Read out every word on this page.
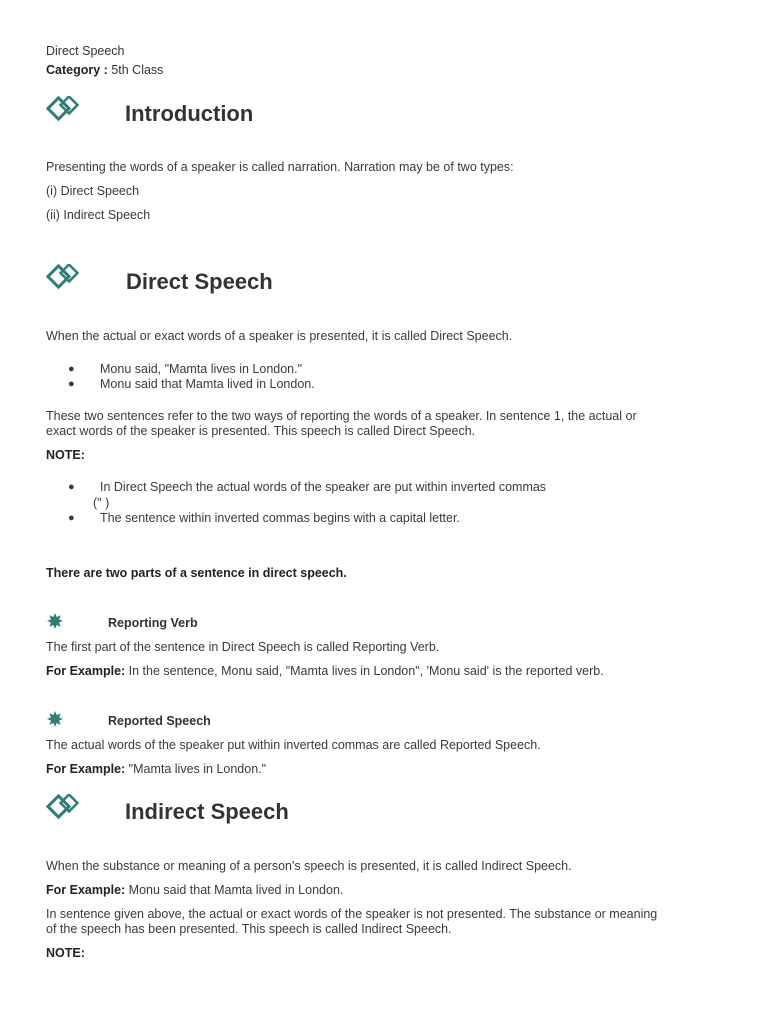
Direct Speech

Category : 5th Class

Introduction

Presenting the words of a speaker is called narration. Narration may be of two types:

(i) Direct Speech

(ii) Indirect Speech

Direct Speech

When the actual or exact words of a speaker is presented, it is called Direct Speech.

● Monu said, "Mamta lives in London."
● Monu said that Mamta lived in London.

These two sentences refer to the two ways of reporting the words of a speaker. In sentence 1, the actual or

exact words of the speaker is presented. This speech is called Direct Speech.

NOTE:

● In Direct Speech the actual words of the speaker are put within inverted commas

(" )

● The sentence within inverted commas begins with a capital letter.

There are two parts of a sentence in direct speech.

Reporting Verb

The first part of the sentence in Direct Speech is called Reporting Verb.

For Example: In the sentence, Monu said, "Mamta lives in London", 'Monu said' is the reported verb.

Reported Speech

The actual words of the speaker put within inverted commas are called Reported Speech.

For Example: "Mamta lives in London."

Indirect Speech

When the substance or meaning of a person's speech is presented, it is called Indirect Speech.

For Example: Monu said that Mamta lived in London.

In sentence given above, the actual or exact words of the speaker is not presented. The substance or meaning

of the speech has been presented. This speech is called Indirect Speech.

NOTE:
